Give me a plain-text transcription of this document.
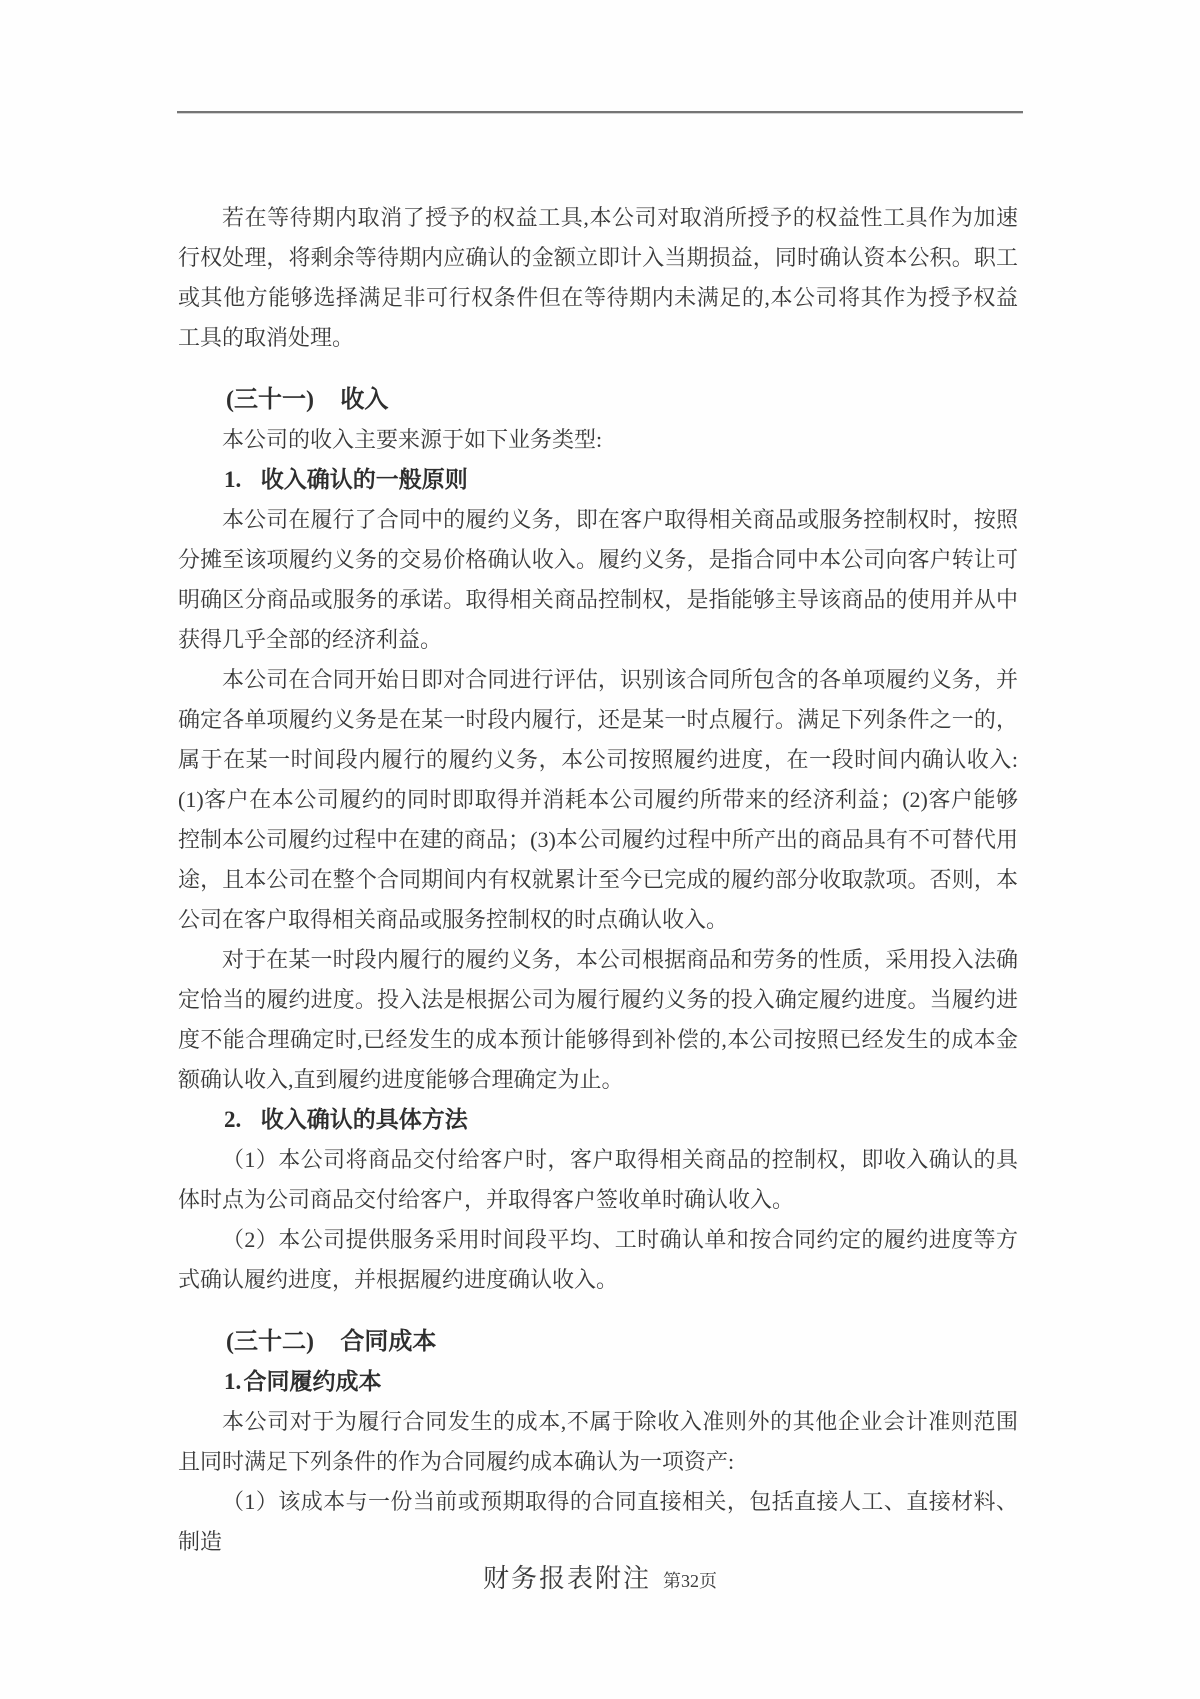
若在等待期内取消了授予的权益工具,本公司对取消所授予的权益性工具作为加速行权处理，将剩余等待期内应确认的金额立即计入当期损益，同时确认资本公积。职工或其他方能够选择满足非可行权条件但在等待期内未满足的,本公司将其作为授予权益工具的取消处理。

(三十一) 收入

本公司的收入主要来源于如下业务类型:

1. 收入确认的一般原则

本公司在履行了合同中的履约义务，即在客户取得相关商品或服务控制权时，按照分摊至该项履约义务的交易价格确认收入。履约义务，是指合同中本公司向客户转让可明确区分商品或服务的承诺。取得相关商品控制权，是指能够主导该商品的使用并从中获得几乎全部的经济利益。

本公司在合同开始日即对合同进行评估，识别该合同所包含的各单项履约义务，并确定各单项履约义务是在某一时段内履行，还是某一时点履行。满足下列条件之一的，属于在某一时间段内履行的履约义务，本公司按照履约进度，在一段时间内确认收入: (1)客户在本公司履约的同时即取得并消耗本公司履约所带来的经济利益；(2)客户能够控制本公司履约过程中在建的商品；(3)本公司履约过程中所产出的商品具有不可替代用途，且本公司在整个合同期间内有权就累计至今已完成的履约部分收取款项。否则，本公司在客户取得相关商品或服务控制权的时点确认收入。

对于在某一时段内履行的履约义务，本公司根据商品和劳务的性质，采用投入法确定恰当的履约进度。投入法是根据公司为履行履约义务的投入确定履约进度。当履约进度不能合理确定时,已经发生的成本预计能够得到补偿的,本公司按照已经发生的成本金额确认收入,直到履约进度能够合理确定为止。

2. 收入确认的具体方法

（1）本公司将商品交付给客户时，客户取得相关商品的控制权，即收入确认的具体时点为公司商品交付给客户，并取得客户签收单时确认收入。

（2）本公司提供服务采用时间段平均、工时确认单和按合同约定的履约进度等方式确认履约进度，并根据履约进度确认收入。

(三十二) 合同成本
1.合同履约成本

本公司对于为履行合同发生的成本,不属于除收入准则外的其他企业会计准则范围且同时满足下列条件的作为合同履约成本确认为一项资产:

（1）该成本与一份当前或预期取得的合同直接相关，包括直接人工、直接材料、制造

财务报表附注 第32页
